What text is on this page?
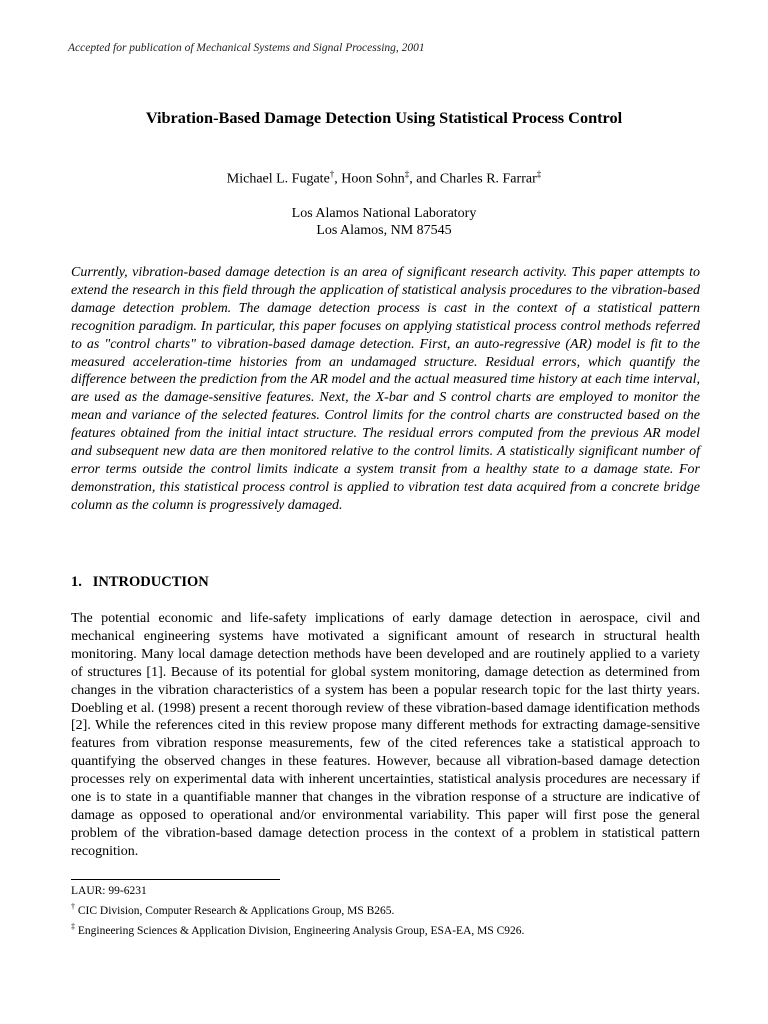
Accepted for publication of Mechanical Systems and Signal Processing, 2001
Vibration-Based Damage Detection Using Statistical Process Control
Michael L. Fugate†, Hoon Sohn‡, and Charles R. Farrar‡
Los Alamos National Laboratory
Los Alamos, NM 87545
Currently, vibration-based damage detection is an area of significant research activity. This paper attempts to extend the research in this field through the application of statistical analysis procedures to the vibration-based damage detection problem. The damage detection process is cast in the context of a statistical pattern recognition paradigm. In particular, this paper focuses on applying statistical process control methods referred to as "control charts" to vibration-based damage detection. First, an auto-regressive (AR) model is fit to the measured acceleration-time histories from an undamaged structure. Residual errors, which quantify the difference between the prediction from the AR model and the actual measured time history at each time interval, are used as the damage-sensitive features. Next, the X-bar and S control charts are employed to monitor the mean and variance of the selected features. Control limits for the control charts are constructed based on the features obtained from the initial intact structure. The residual errors computed from the previous AR model and subsequent new data are then monitored relative to the control limits. A statistically significant number of error terms outside the control limits indicate a system transit from a healthy state to a damage state. For demonstration, this statistical process control is applied to vibration test data acquired from a concrete bridge column as the column is progressively damaged.
1.   INTRODUCTION
The potential economic and life-safety implications of early damage detection in aerospace, civil and mechanical engineering systems have motivated a significant amount of research in structural health monitoring. Many local damage detection methods have been developed and are routinely applied to a variety of structures [1]. Because of its potential for global system monitoring, damage detection as determined from changes in the vibration characteristics of a system has been a popular research topic for the last thirty years. Doebling et al. (1998) present a recent thorough review of these vibration-based damage identification methods [2]. While the references cited in this review propose many different methods for extracting damage-sensitive features from vibration response measurements, few of the cited references take a statistical approach to quantifying the observed changes in these features. However, because all vibration-based damage detection processes rely on experimental data with inherent uncertainties, statistical analysis procedures are necessary if one is to state in a quantifiable manner that changes in the vibration response of a structure are indicative of damage as opposed to operational and/or environmental variability. This paper will first pose the general problem of the vibration-based damage detection process in the context of a problem in statistical pattern recognition.
LAUR: 99-6231
† CIC Division, Computer Research & Applications Group, MS B265.
‡ Engineering Sciences & Application Division, Engineering Analysis Group, ESA-EA, MS C926.
